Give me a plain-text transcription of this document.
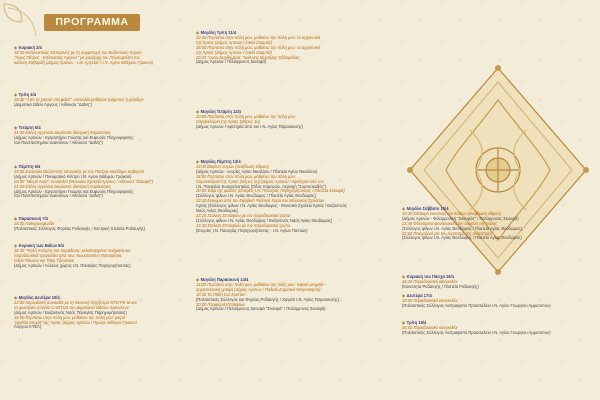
ΠΡΟΓΡΑΜΜΑ
◆ Κυριακή 2/4
18:30 Κατανυκτικός Εσπερινός με τη συμμετοχή του Βυζαντινού Χορού
"Άγιος Πέτρος - Επίσκοπος Άργους" με χοράρχη τον Πρωτοψάλτη τον
Ιωάννη Χαβαρδή (Δήμος Αρτεών - Ι.Μ. Αργείας / Ι.Ν. Αγίου Μάξιμου Γραικού)
◆ Τρίτη 4/4
18:30 "Από τα χαρτιά στα φιλιά": συναυλία μαθητών τμήματος εγχόρδων
(Δημοτικό Ωδείο Άργους / Αίθουσα "Δαΐνη")
◆ Τετάρτη 5/4
21:00 Ελένη Αγγελίνα Δουλιανα: θεατρική παράσταση
(Δήμος Αρτεών - Εργαστήριο Γνώσης και Ευφυούς Πληροφορικής
του Πανεπιστημίου Ιωαννίνων / Αίθουσα "Δαΐνη")
◆ Πέμπτη 6/4
19:00 Συναυλία Βυζαντινής Μουσικής με τον Πατέρα Νικόδημο Καβαρνό
(Δήμος Αρτεών / Πνευματικό Κέντρο Ι.Ν. Αγίου Μάξιμου Γραικού)
20:30 "Μικρά Άσια": συναυλία (Μουσικό Σχολείο Άργους / Αίθουσα "Σκουφά")
21:00 Ελένη Αγγελίνα Δουλιανα: θεατρική παράσταση
(Δήμος Αρτεών - Εργαστήριο Γνώσης και Ευφυούς Πληροφορικής
του Πανεπιστημίου Ιωαννίνων / Αίθουσα "Δαΐνη")
◆ Παρασκευή 7/4
18:30 Λαϊκορραψωδία
(Πολιτιστικός Σύλλογος Φορέας Ροδαυγής / Κεντρική πλατεία Ροδαυγής)
◆ Κυριακή των Βαΐων 9/4
18:30 "Ψηλή ποίησης και παράδοση: μελοποιημένα ποιήματα και
παραδοσιακά τραγούδια από τους Κωνσταντίνο Παπαιρίτσα,
Όλγα Παυγου και Τάκη Τζιουτάκο
(Δήμος Αρτεών / Αύλειος χώρος Ι.Ν. Παναγίας Παρηγορήτισσας)
◆ Μεγάλη Δευτέρα 10/4
12:00 Χορωδιακή συναυλία με τη Νεανική Ορχήστρα NTO-PE-M και
τη φωνητικό σύνολο CANTUS του Δημοτικού Ωδείου Ιωαννίνων
(Δήμος Αρτεών / Βυζαντινός Ναός Παναγίας Παρηγορήτισσας)
18:00 Περπατώ στην πόλη μου, μαθαίνω την πόλη μου: μικρά
"μεγάλα ατυχία" της Άρτας (Δήμος Αρτεών / Πρώην Μέθυμα Γραικού
πύργου ΚΤΕΛ)
◆ Μεγάλη Τρίτη 11/4
10:30 Περπατώ στην πόλη μου, μαθαίνω την πόλη μου: τα αρχοντικά
της Άρτας (Δήμος Αρτεών / Οικία Ζαρμπά)
18:00 Περπατώ στην πόλη μου, μαθαίνω την πόλη μου: τα αρχοντικά
της Άρτας (Δήμος Αρτεών / Οικία Ζαρμπά)
20:30 Ύμνοι Νυχθήμερα: "Ιωάννης Μιχαήλης Εβδομάδας
(Δήμος Αρτεών / Πελόφρονος Σκουφά)
◆ Μεγάλη Τετάρτη 12/4
10:00 Περπατώ στην πόλη μου, μαθαίνω την πόλη μου:
παρακκλήσια της Άρτας (Μέρος 1ο)
(Δήμος Αρτεών / Αφετηρία από τον Ι.Ν. Αγίας Παρασκευής)
◆ Μεγάλη Πέμπτη 13/4
11:00 Βαφτιστ αυγών (αναβίωση εθίμου)
(Δήμος Αρτεών - ενορίες Αγίου Νικολάου / Πλατεία Αγίου Νικολάου)
18:00 Περπατώ στην πόλη μου, μαθαίνω την πόλη μου:
παρακκλήσια της Άρτας (Μέρος 2ο) (Δήμος Αρτεών / Αφετηρία από τον
Ι.Ν. Παναγίας Ευαγγελιστρίας (Οδός Κομηνών, περιοχή "Σορτσοκαδός")
20:00 Έθιμ της φωτιάς (Ενορίας Ι.Ν. Πανυγίας Παρηγορήτισσας / Πλατεία Σκουφά)
(Σύλλογος φίλων Ι.Ν. Αγίας Θεοδώρας / Πλατεία Αγίας Θεοδώρας)
22:10 Εγκώμια από τον Εφηβικό Ψαλτικό Χορό του Μουσικού Σχολείου
Άρτας (Σύλλογος φίλων Ι.Ν. Αγίας Θεοδώρας - Μουσικό Σχολείο Άρτας / Βυζαντινός
Ναός Αγίας Θεοδώρας)
23:15 Στόλιση Επιταφίου με τον παραδοσιακό τρόπο
(Σύλλογος φίλων Ι.Ν. Αγίας Θεοδώρας / Βυζαντινός Ναός Αγίας Θεοδώρας)
23:30 Στόλιση Επιταφίου με τον παραδοσιακό τρόπο
(Ενορίες Ι.Ν. Παναγίας Παρηγορήτισσας - Ι.Ν. Αγίων Παντών)
◆ Μεγάλη Παρασκευή 14/4
11:00 Περπατώ στην πόλη μου, μαθαίνω την πόλη μου: ταφικά μνημεία -
αρχιτεκτονική γραφή (Δήμος Αρτεών / Παλαιά Δημοτικά Νεκροταφεία)
19:30 Το Πάθη του Χριστού
(Πολιτιστικός Σύλλογος και Φορέας Ροδαυγής / Χαγιάτι Ι.Ν. Αγίας Παρασκευής)
20:00 Περιφορά Επιταφίων
(Δήμος Αρτεών / Πελόφρονος Σκουφά "Σκουφά" / Πελόφρονος Σκουφά)
◆ Μεγάλο Σάββατο 15/4
19:30 Σπάσιμο κανατιών και πιάτων (αναβίωση εθίμου)
(Δήμος Αρτεών - Φιλαρμονική "Σκουφάς" / Πελόφρονος Σκουφά)
23:45 Φλεγόμενα φανάρακια στον ουρανό της πόλης
(Σύλλογος φίλων Ι.Ν. Αγίας Θεοδώρας / Πλατεία Αγίας Θεοδώρας)
24:00 Πασχαλινά για τον εορτασμό της Ανάστασης
(Σύλλογος φίλων Ι.Ν. Αγίας Θεοδώρας / Πλατεία Αγίας Θεοδώρας)
◆ Κυριακή του Πάσχα 16/4
16:30 Παραδοσιακό κανγκελίοι
(Κοινότητα Ροδαυγής / Πλατεία Ροδαυγής)
◆ Δευτέρα 17/4
18:00 Παραδοσιακό κανγκελίοι
(Πολιτιστικός Σύλλογος Αιστραφυπό Πρασσαλίου Ι.Ν. Αγίου Γεωργίου Αμμοτοπου)
◆ Τρίτη 18/4
16:00 Παραδοσιακό κανγκελίοι
(Πολιτιστικός Σύλλογος Αιστραφυπό Πρασσαλίου Ι.Ν. Αγίου Γεωργίου Αμμοτοπου)
